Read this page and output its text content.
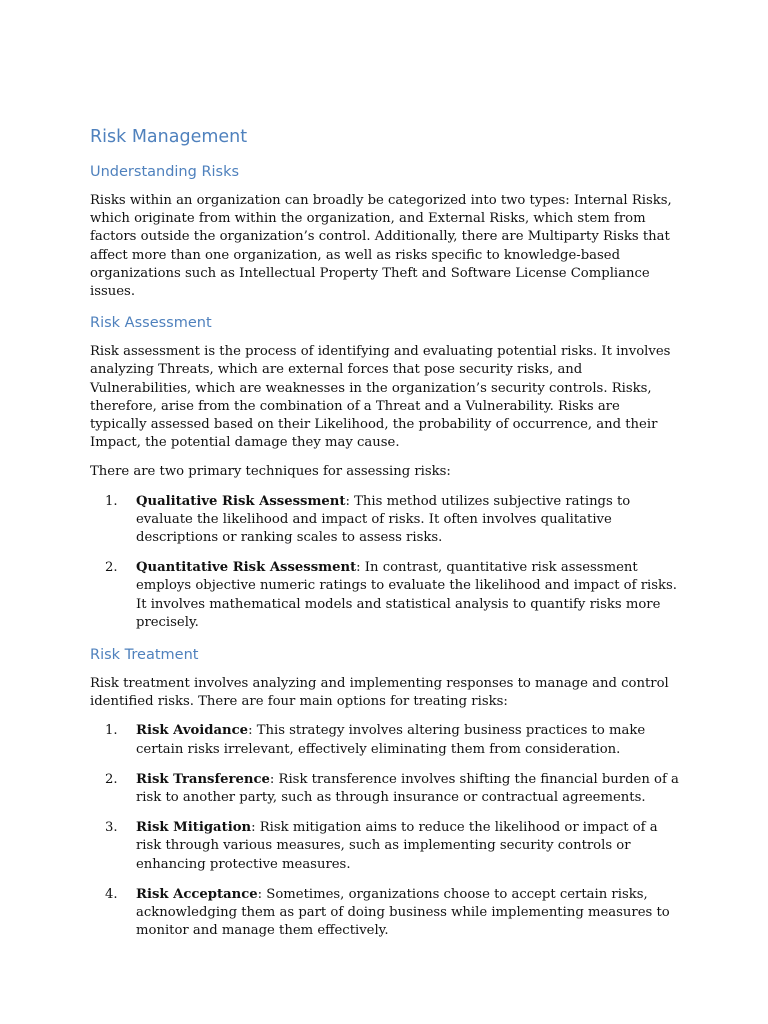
Risk Management
Understanding Risks

Risks within an organization can broadly be categorized into two types: Internal Risks, which originate from within the organization, and External Risks, which stem from factors outside the organization’s control. Additionally, there are Multiparty Risks that affect more than one organization, as well as risks specific to knowledge-based organizations such as Intellectual Property Theft and Software License Compliance issues.

Risk Assessment

Risk assessment is the process of identifying and evaluating potential risks. It involves analyzing Threats, which are external forces that pose security risks, and Vulnerabilities, which are weaknesses in the organization’s security controls. Risks, therefore, arise from the combination of a Threat and a Vulnerability. Risks are typically assessed based on their Likelihood, the probability of occurrence, and their Impact, the potential damage they may cause.

There are two primary techniques for assessing risks:

1. Qualitative Risk Assessment: This method utilizes subjective ratings to evaluate the likelihood and impact of risks. It often involves qualitative descriptions or ranking scales to assess risks.
2. Quantitative Risk Assessment: In contrast, quantitative risk assessment employs objective numeric ratings to evaluate the likelihood and impact of risks. It involves mathematical models and statistical analysis to quantify risks more precisely.
Risk Treatment

Risk treatment involves analyzing and implementing responses to manage and control identified risks. There are four main options for treating risks:

1. Risk Avoidance: This strategy involves altering business practices to make certain risks irrelevant, effectively eliminating them from consideration.
2. Risk Transference: Risk transference involves shifting the financial burden of a risk to another party, such as through insurance or contractual agreements.
3. Risk Mitigation: Risk mitigation aims to reduce the likelihood or impact of a risk through various measures, such as implementing security controls or enhancing protective measures.
4. Risk Acceptance: Sometimes, organizations choose to accept certain risks, acknowledging them as part of doing business while implementing measures to monitor and manage them effectively.
